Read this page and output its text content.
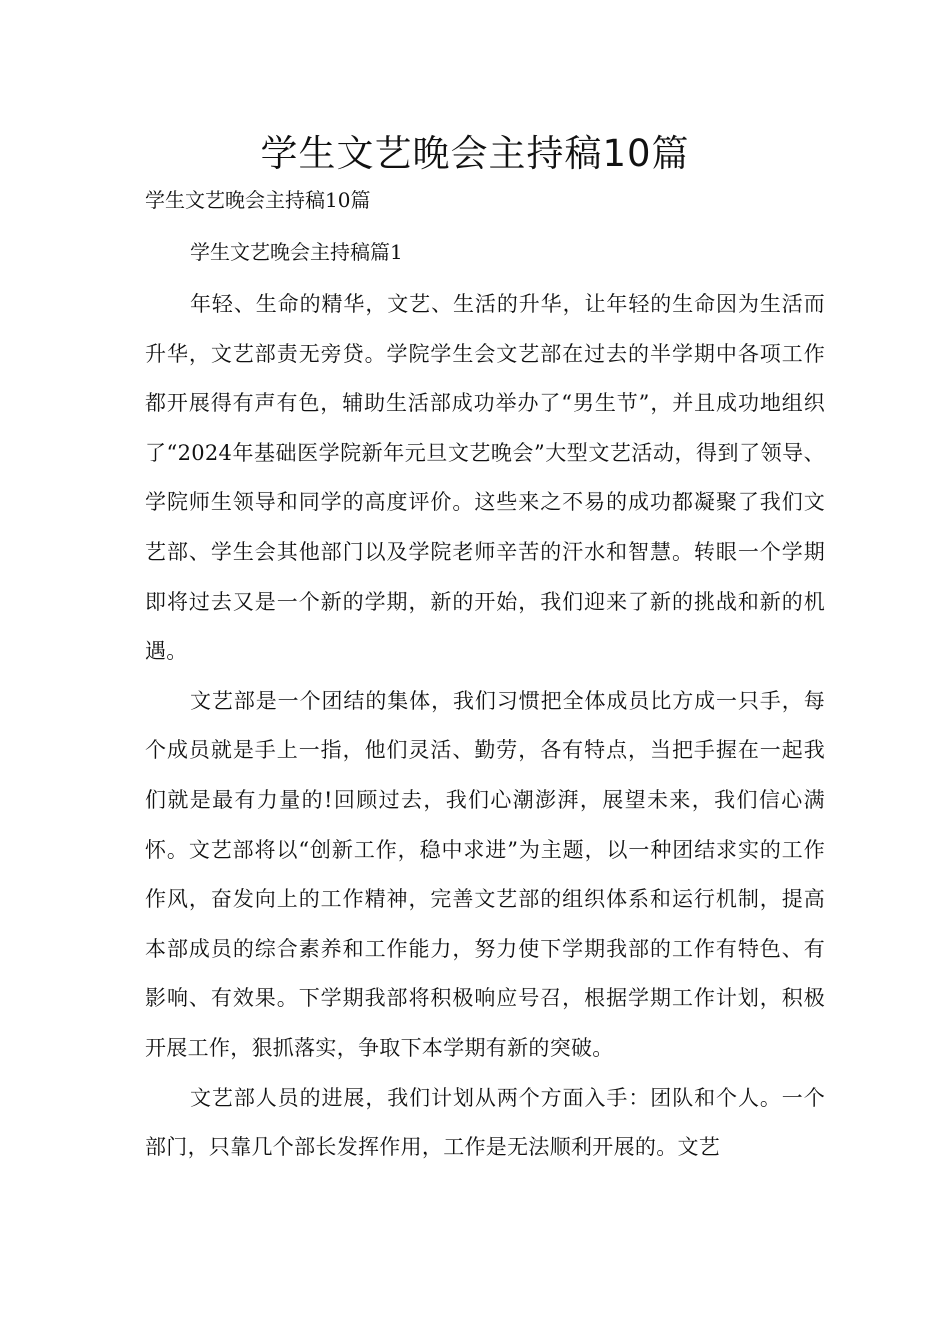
学生文艺晚会主持稿10篇

学生文艺晚会主持稿10篇

学生文艺晚会主持稿篇1

年轻、生命的精华，文艺、生活的升华，让年轻的生命因为生活而升华，文艺部责无旁贷。学院学生会文艺部在过去的半学期中各项工作都开展得有声有色，辅助生活部成功举办了“男生节”，并且成功地组织了“2024年基础医学院新年元旦文艺晚会”大型文艺活动，得到了领导、学院师生领导和同学的高度评价。这些来之不易的成功都凝聚了我们文艺部、学生会其他部门以及学院老师辛苦的汗水和智慧。转眼一个学期即将过去又是一个新的学期，新的开始，我们迎来了新的挑战和新的机遇。

文艺部是一个团结的集体，我们习惯把全体成员比方成一只手，每个成员就是手上一指，他们灵活、勤劳，各有特点，当把手握在一起我们就是最有力量的!回顾过去，我们心潮澎湃，展望未来，我们信心满怀。文艺部将以“创新工作，稳中求进”为主题，以一种团结求实的工作作风，奋发向上的工作精神，完善文艺部的组织体系和运行机制，提高本部成员的综合素养和工作能力，努力使下学期我部的工作有特色、有影响、有效果。下学期我部将积极响应号召，根据学期工作计划，积极开展工作，狠抓落实，争取下本学期有新的突破。

文艺部人员的进展，我们计划从两个方面入手：团队和个人。一个部门，只靠几个部长发挥作用，工作是无法顺利开展的。文艺
